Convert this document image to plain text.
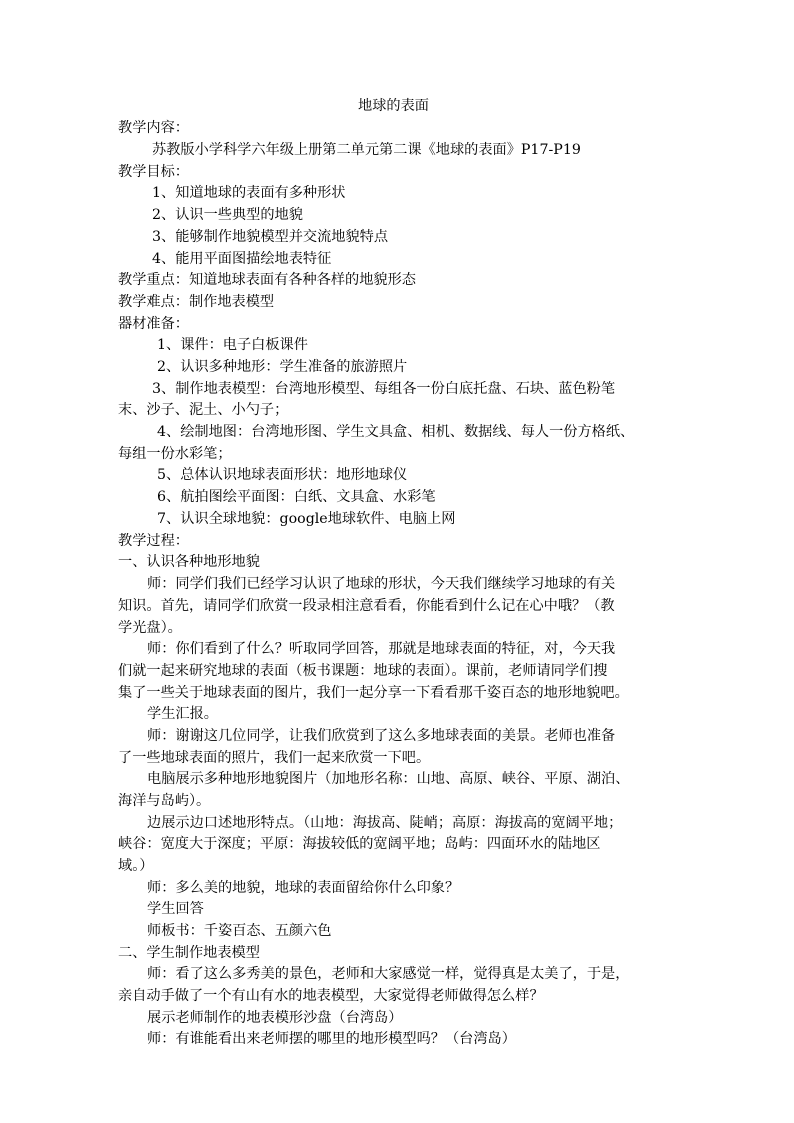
地球的表面
教学内容：
苏教版小学科学六年级上册第二单元第二课《地球的表面》P17-P19
教学目标：
1、知道地球的表面有多种形状
2、认识一些典型的地貌
3、能够制作地貌模型并交流地貌特点
4、能用平面图描绘地表特征
教学重点：知道地球表面有各种各样的地貌形态
教学难点：制作地表模型
器材准备：
1、课件：电子白板课件
2、认识多种地形：学生准备的旅游照片
3、制作地表模型：台湾地形模型、每组各一份白底托盘、石块、蓝色粉笔
末、沙子、泥土、小勺子；
4、绘制地图：台湾地形图、学生文具盒、相机、数据线、每人一份方格纸、
每组一份水彩笔；
5、总体认识地球表面形状：地形地球仪
6、航拍图绘平面图：白纸、文具盒、水彩笔
7、认识全球地貌：google地球软件、电脑上网
教学过程：
一、认识各种地形地貌
师：同学们我们已经学习认识了地球的形状，今天我们继续学习地球的有关
知识。首先，请同学们欣赏一段录相注意看看，你能看到什么记在心中哦？（教
学光盘）。
师：你们看到了什么？听取同学回答，那就是地球表面的特征，对，今天我
们就一起来研究地球的表面（板书课题：地球的表面）。课前，老师请同学们搜
集了一些关于地球表面的图片，我们一起分享一下看看那千姿百态的地形地貌吧。
学生汇报。
师：谢谢这几位同学，让我们欣赏到了这么多地球表面的美景。老师也准备
了一些地球表面的照片，我们一起来欣赏一下吧。
电脑展示多种地形地貌图片（加地形名称：山地、高原、峡谷、平原、湖泊、
海洋与岛屿）。
边展示边口述地形特点。（山地：海拔高、陡峭；高原：海拔高的宽阔平地；
峡谷：宽度大于深度；平原：海拔较低的宽阔平地；岛屿：四面环水的陆地区
域。）
师：多么美的地貌，地球的表面留给你什么印象？
学生回答
师板书：千姿百态、五颜六色
二、学生制作地表模型
师：看了这么多秀美的景色，老师和大家感觉一样，觉得真是太美了，于是，
亲自动手做了一个有山有水的地表模型，大家觉得老师做得怎么样？
展示老师制作的地表模形沙盘（台湾岛）
师：有谁能看出来老师摆的哪里的地形模型吗？（台湾岛）
